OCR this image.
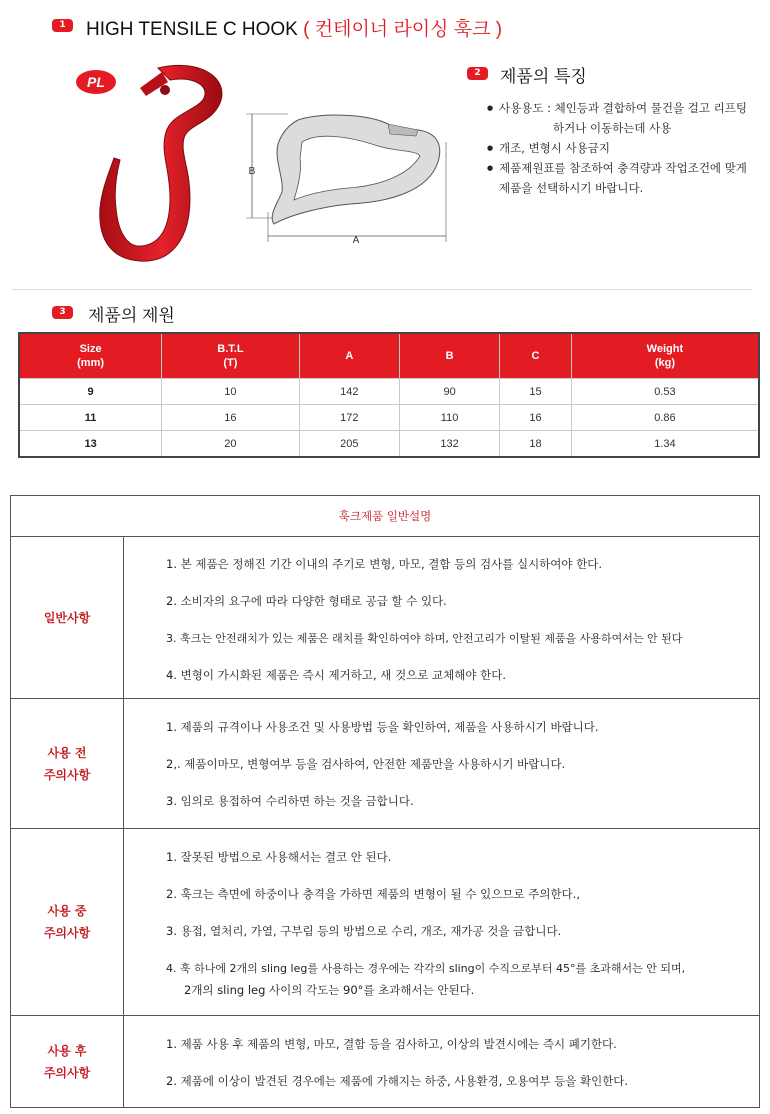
1	HIGH TENSILE C HOOK ( 컨테이너 라이싱 훅크 )
PL
B
A
2	제품의 특징
● 사용용도 : 체인등과 결합하여 물건을 걸고 리프팅
하거나 이동하는데 사용
● 개조, 변형시 사용금지
● 제품제원표를 참조하여 충격량과 작업조건에 맞게
제품을 선택하시기 바랍니다.
3	제품의 제원
Size
(mm)	B.T.L
(T)	A	B	C	Weight
(kg)
9	10	142	90	15	0.53
11	16	172	110	16	0.86
13	20	205	132	18	1.34
훅크제품 일반설명	
일반사항	1. 본 제품은 정해진 기간 이내의 주기로 변형, 마모, 결함 등의 검사를 실시하여야 한다.
2. 소비자의 요구에 따라 다양한 형태로 공급 할 수 있다.
3. 훅크는 안전래치가 있는 제품은 래치를 확인하여야 하며, 안전고리가 이탈된 제품을 사용하여서는 안 된다
4. 변형이 가시화된 제품은 즉시 제거하고, 새 것으로 교체해야 한다.

사용 전
주의사항	1. 제품의 규격이나 사용조건 및 사용방법 등을 확인하여, 제품을 사용하시기 바랍니다.
2,. 제품이마모, 변형여부 등을 검사하여, 안전한 제품만을 사용하시기 바랍니다.
3. 임의로 용접하여 수리하면 하는 것을 금합니다.

사용 중
주의사항	1. 잘못된 방법으로 사용해서는 결코 안 된다.
2. 훅크는 측면에 하중이나 충격을 가하면 제품의 변형이 될 수 있으므로 주의한다.,
3. 용접, 열처리, 가열, 구부림 등의 방법으로 수리, 개조, 재가공 것을 금합니다.
4. 훅 하나에 2개의 sling leg를 사용하는 경우에는 각각의 sling이 수직으로부터 45°를 초과해서는 안 되며,
2개의 sling leg 사이의 각도는 90°를 초과해서는 안된다.

사용 후
주의사항	1. 제품 사용 후 제품의 변형, 마모, 결함 등을 검사하고, 이상의 발견시에는 즉시 폐기한다.
2. 제품에 이상이 발견된 경우에는 제품에 가해지는 하중, 사용환경, 오용여부 등을 확인한다.
